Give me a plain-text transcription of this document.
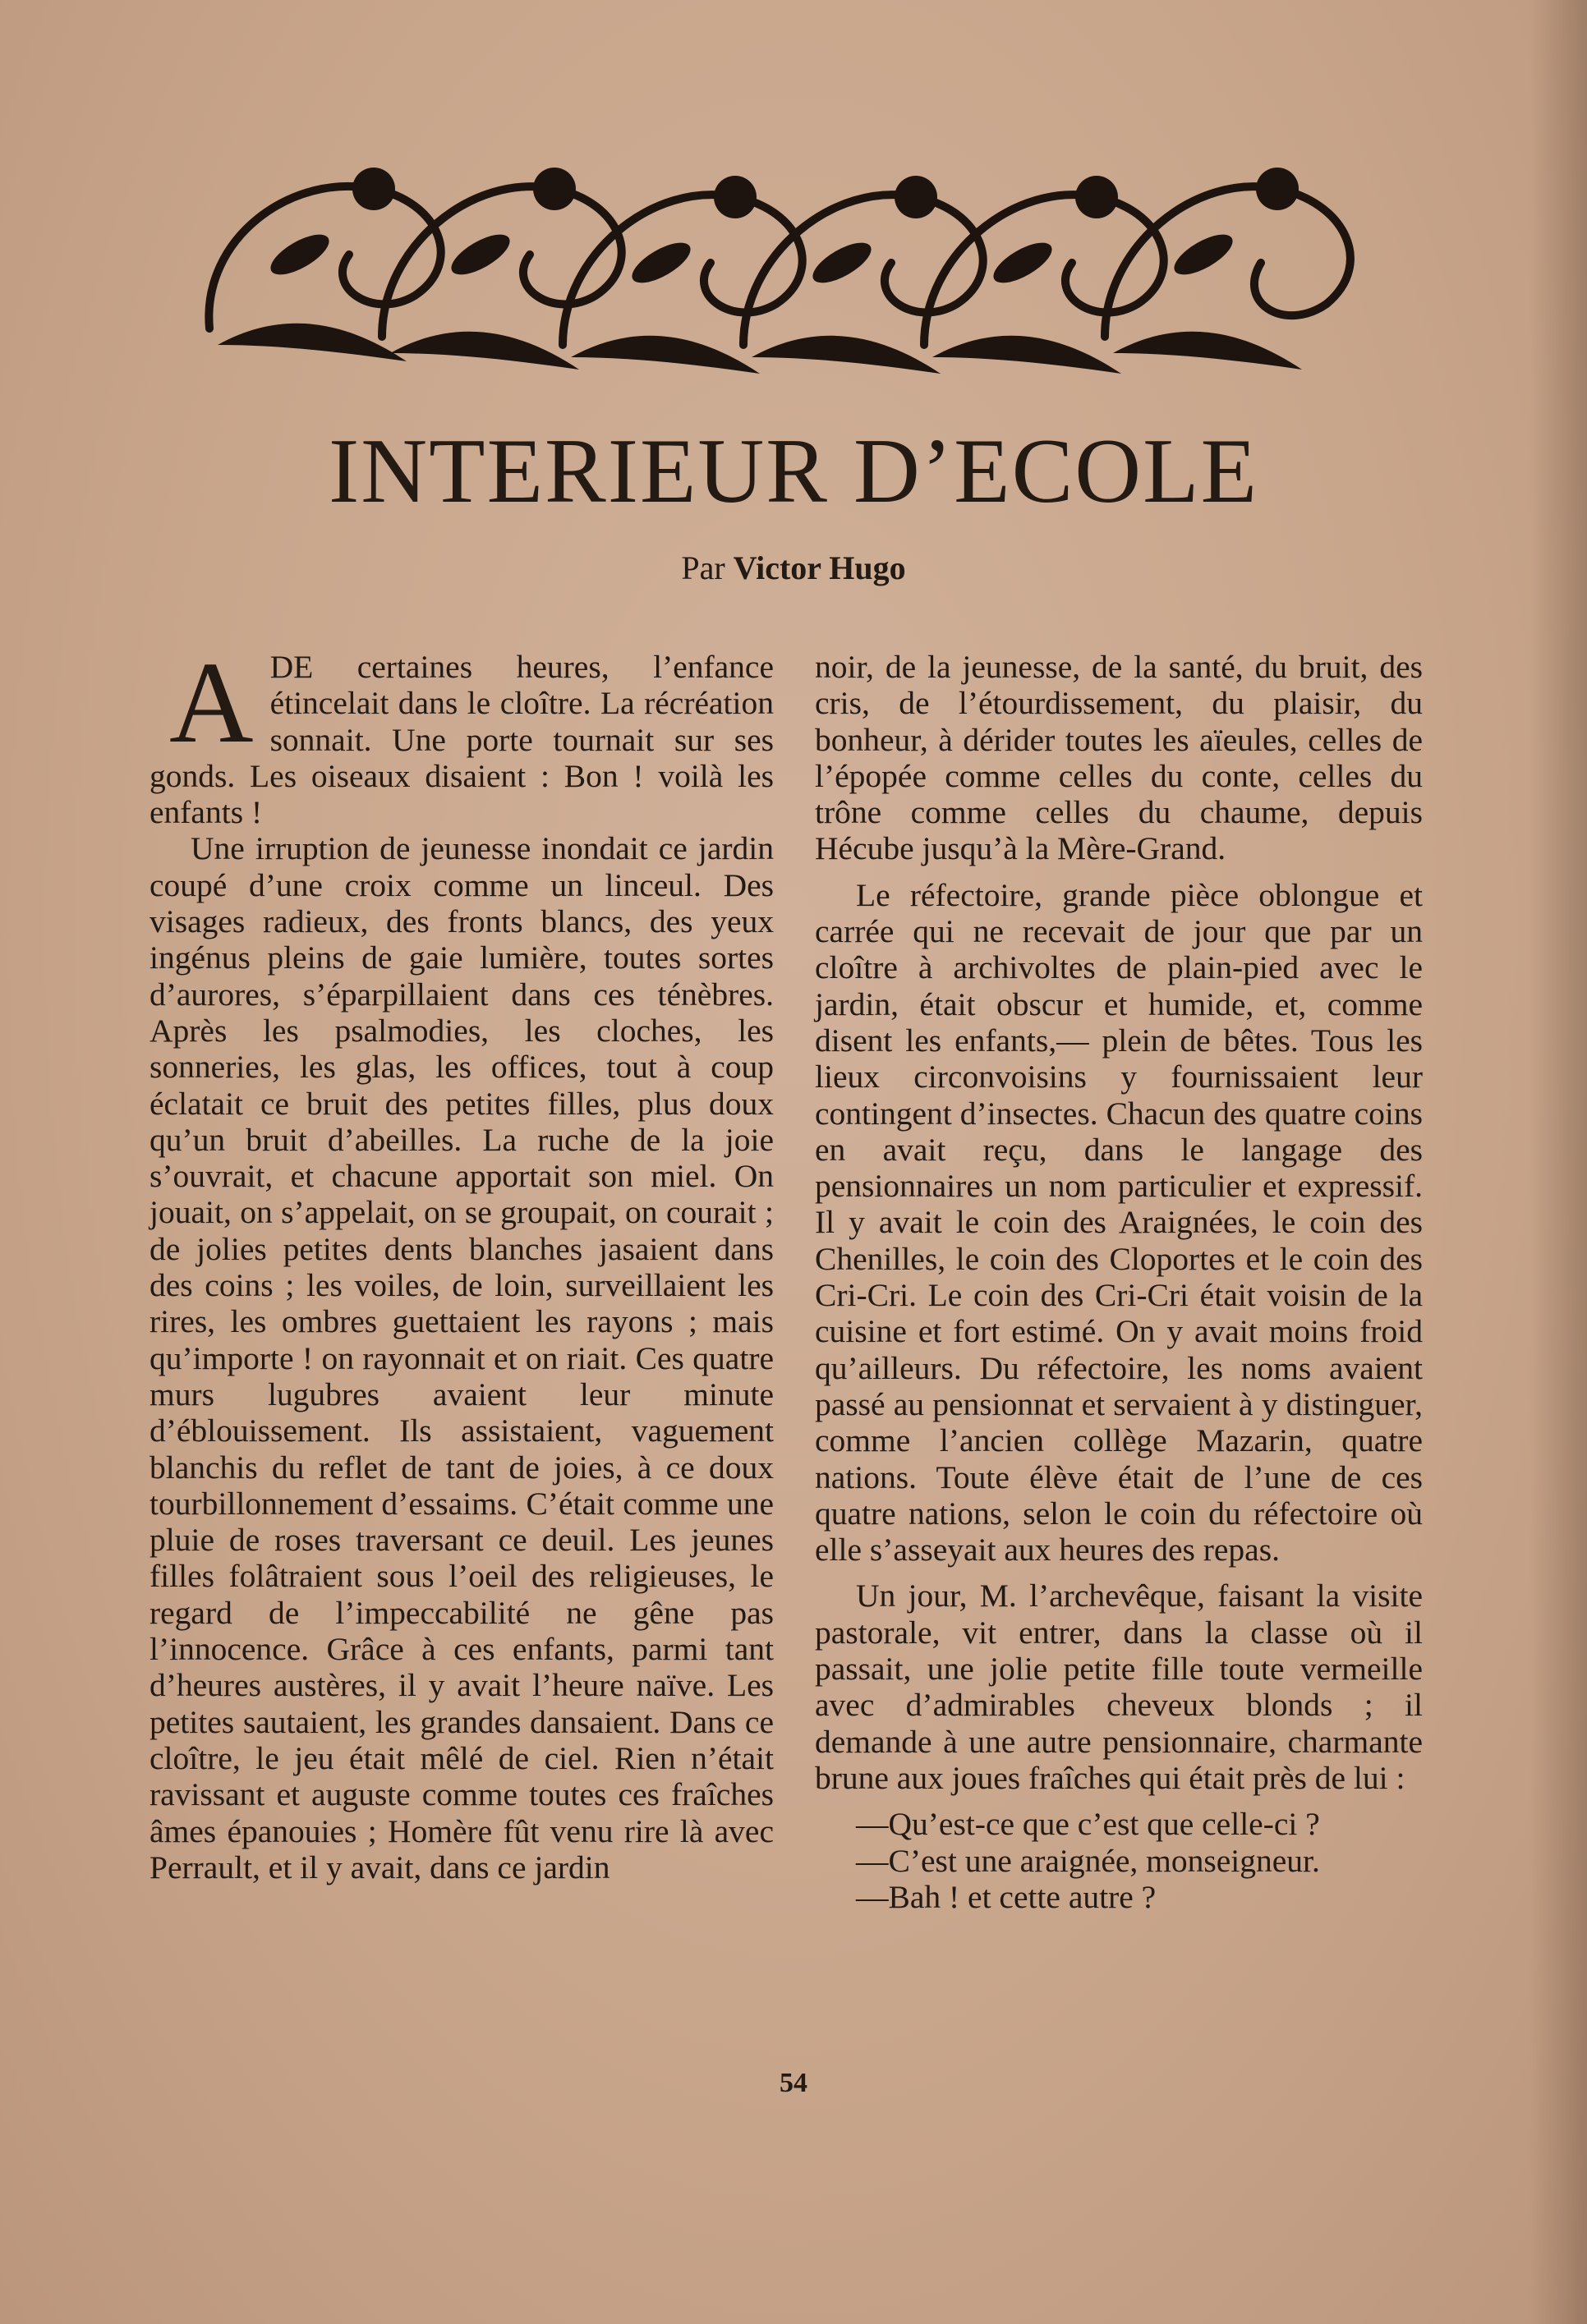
INTERIEUR D’ECOLE

Par Victor Hugo

A DE certaines heures, l’enfance étincelait dans le cloître. La récréation sonnait. Une porte tournait sur ses gonds. Les oiseaux disaient : Bon ! voilà les enfants !

Une irruption de jeunesse inondait ce jardin coupé d’une croix comme un linceul. Des visages radieux, des fronts blancs, des yeux ingénus pleins de gaie lumière, toutes sortes d’aurores, s’éparpillaient dans ces ténèbres. Après les psalmodies, les cloches, les sonneries, les glas, les offices, tout à coup éclatait ce bruit des petites filles, plus doux qu’un bruit d’abeilles. La ruche de la joie s’ouvrait, et chacune apportait son miel. On jouait, on s’appelait, on se groupait, on courait ; de jolies petites dents blanches jasaient dans des coins ; les voiles, de loin, surveillaient les rires, les ombres guettaient les rayons ; mais qu’importe ! on rayonnait et on riait. Ces quatre murs lugubres avaient leur minute d’éblouissement. Ils assistaient, vaguement blanchis du reflet de tant de joies, à ce doux tourbillonnement d’essaims. C’était comme une pluie de roses traversant ce deuil. Les jeunes filles folâtraient sous l’oeil des religieuses, le regard de l’impeccabilité ne gêne pas l’innocence. Grâce à ces enfants, parmi tant d’heures austères, il y avait l’heure naïve. Les petites sautaient, les grandes dansaient. Dans ce cloître, le jeu était mêlé de ciel. Rien n’était ravissant et auguste comme toutes ces fraîches âmes épanouies ; Homère fût venu rire là avec Perrault, et il y avait, dans ce jardin

noir, de la jeunesse, de la santé, du bruit, des cris, de l’étourdissement, du plaisir, du bonheur, à dérider toutes les aïeules, celles de l’épopée comme celles du conte, celles du trône comme celles du chaume, depuis Hécube jusqu’à la Mère-Grand.

Le réfectoire, grande pièce oblongue et carrée qui ne recevait de jour que par un cloître à archivoltes de plain-pied avec le jardin, était obscur et humide, et, comme disent les enfants,— plein de bêtes. Tous les lieux circonvoisins y fournissaient leur contingent d’insectes. Chacun des quatre coins en avait reçu, dans le langage des pensionnaires un nom particulier et expressif. Il y avait le coin des Araignées, le coin des Chenilles, le coin des Cloportes et le coin des Cri-Cri. Le coin des Cri-Cri était voisin de la cuisine et fort estimé. On y avait moins froid qu’ailleurs. Du réfectoire, les noms avaient passé au pensionnat et servaient à y distinguer, comme l’ancien collège Mazarin, quatre nations. Toute élève était de l’une de ces quatre nations, selon le coin du réfectoire où elle s’asseyait aux heures des repas.

Un jour, M. l’archevêque, faisant la visite pastorale, vit entrer, dans la classe où il passait, une jolie petite fille toute vermeille avec d’admirables cheveux blonds ; il demande à une autre pensionnaire, charmante brune aux joues fraîches qui était près de lui :

—Qu’est-ce que c’est que celle-ci ?

—C’est une araignée, monseigneur.

—Bah ! et cette autre ?

54
